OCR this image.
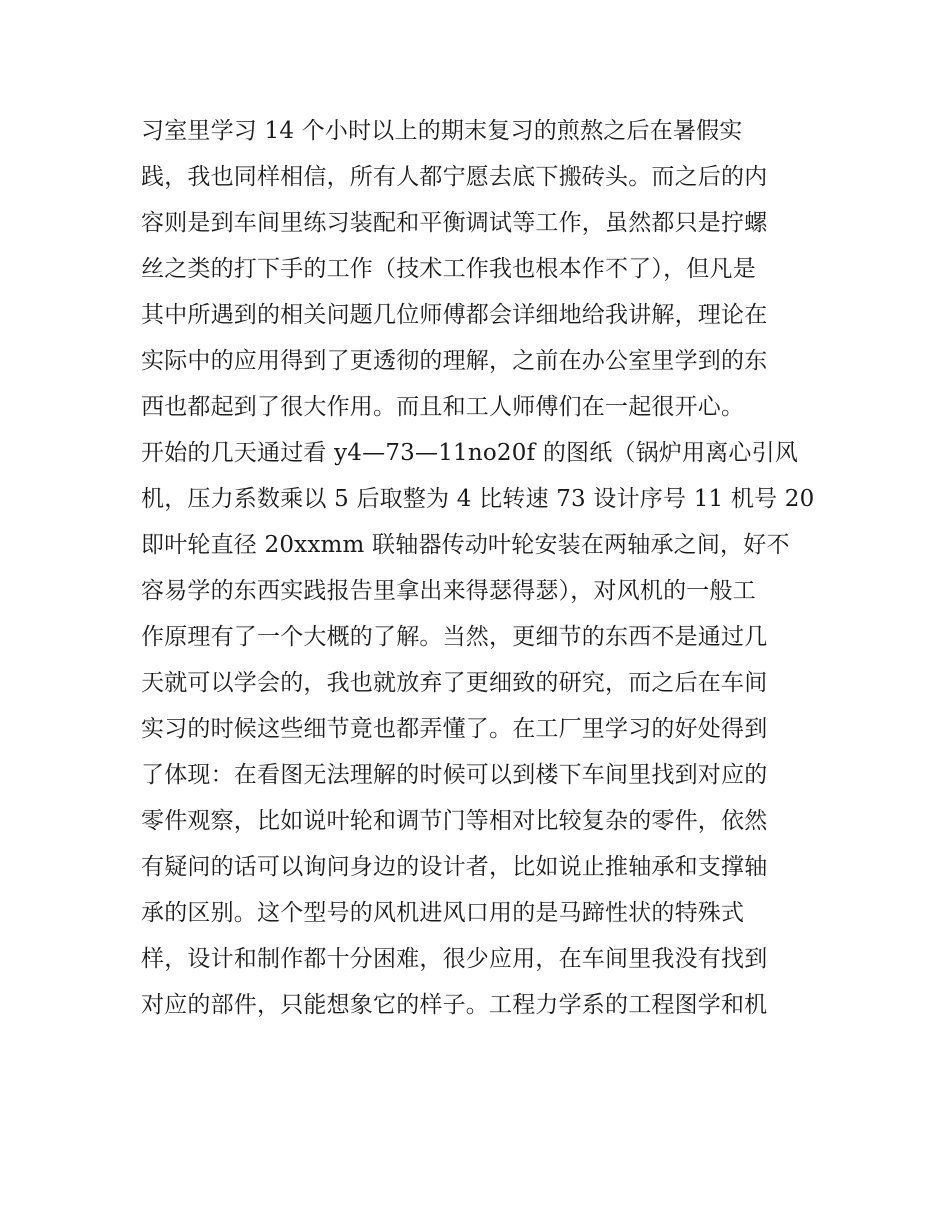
习室里学习 14 个小时以上的期末复习的煎熬之后在暑假实
践，我也同样相信，所有人都宁愿去底下搬砖头。而之后的内
容则是到车间里练习装配和平衡调试等工作，虽然都只是拧螺
丝之类的打下手的工作（技术工作我也根本作不了），但凡是
其中所遇到的相关问题几位师傅都会详细地给我讲解，理论在
实际中的应用得到了更透彻的理解，之前在办公室里学到的东
西也都起到了很大作用。而且和工人师傅们在一起很开心。
开始的几天通过看 y4—73—11no20f 的图纸（锅炉用离心引风
机，压力系数乘以 5 后取整为 4 比转速 73 设计序号 11 机号 20
即叶轮直径 20xxmm 联轴器传动叶轮安装在两轴承之间，好不
容易学的东西实践报告里拿出来得瑟得瑟），对风机的一般工
作原理有了一个大概的了解。当然，更细节的东西不是通过几
天就可以学会的，我也就放弃了更细致的研究，而之后在车间
实习的时候这些细节竟也都弄懂了。在工厂里学习的好处得到
了体现：在看图无法理解的时候可以到楼下车间里找到对应的
零件观察，比如说叶轮和调节门等相对比较复杂的零件，依然
有疑问的话可以询问身边的设计者，比如说止推轴承和支撑轴
承的区别。这个型号的风机进风口用的是马蹄性状的特殊式
样，设计和制作都十分困难，很少应用，在车间里我没有找到
对应的部件，只能想象它的样子。工程力学系的工程图学和机
